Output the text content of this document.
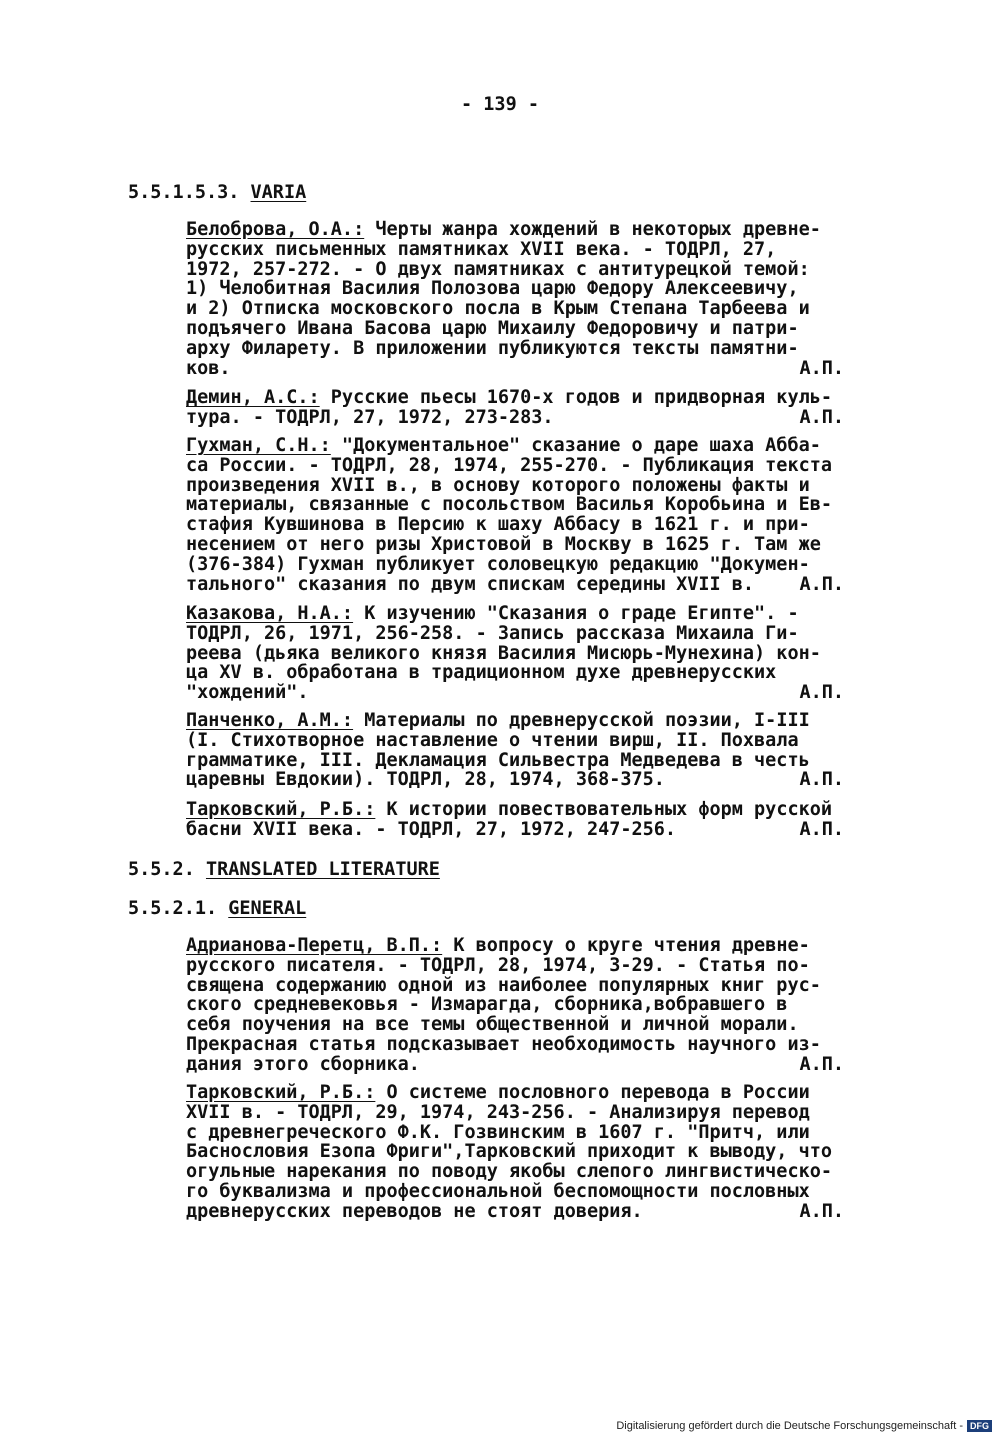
- 139 -
5.5.1.5.3. VARIA
Белоброва, О.А.: Черты жанра хождений в некоторых древне-
русских письменных памятниках XVII века. - ТОДРЛ, 27,
1972, 257-272. - О двух памятниках с антитурецкой темой:
1) Челобитная Василия Полозова царю Федору Алексеевичу,
и 2) Отписка московского посла в Крым Степана Тарбеева и
подъячего Ивана Басова царю Михаилу Федоровичу и патри-
арху Филарету. В приложении публикуются тексты памятни-
ков.	А.П.
Демин, А.С.: Русские пьесы 1670-х годов и придворная куль-
тура. - ТОДРЛ, 27, 1972, 273-283.	А.П.
Гухман, С.Н.: "Документальное" сказание о даре шаха Абба-
са России. - ТОДРЛ, 28, 1974, 255-270. - Публикация текста
произведения XVII в., в основу которого положены факты и
материалы, связанные с посольством Василья Коробьина и Ев-
стафия Кувшинова в Персию к шаху Аббасу в 1621 г. и при-
несением от него ризы Христовой в Москву в 1625 г. Там же
(376-384) Гухман публикует соловецкую редакцию "Докумен-
тального" сказания по двум спискам середины XVII в. А.П.
Казакова, Н.А.: К изучению "Сказания о граде Египте". -
ТОДРЛ, 26, 1971, 256-258. - Запись рассказа Михаила Ги-
реева (дьяка великого князя Василия Мисюрь-Мунехина) кон-
ца XV в. обработана в традиционном духе древнерусских
"хождений".	А.П.
Панченко, А.М.: Материалы по древнерусской поэзии, I-III
(I. Стихотворное наставление о чтении вирш, II. Похвала
грамматике, III. Декламация Сильвестра Медведева в честь
царевны Евдокии). ТОДРЛ, 28, 1974, 368-375.	А.П.
Тарковский, Р.Б.: К истории повествовательных форм русской
басни XVII века. - ТОДРЛ, 27, 1972, 247-256.	А.П.
5.5.2. TRANSLATED LITERATURE
5.5.2.1. GENERAL
Адрианова-Перетц, В.П.: К вопросу о круге чтения древне-
русского писателя. - ТОДРЛ, 28, 1974, 3-29. - Статья по-
священа содержанию одной из наиболее популярных книг рус-
ского средневековья - Измарагда, сборника,вобравшего в
себя поучения на все темы общественной и личной морали.
Прекрасная статья подсказывает необходимость научного из-
дания этого сборника.	А.П.
Тарковский, Р.Б.: О системе пословного перевода в России
XVII в. - ТОДРЛ, 29, 1974, 243-256. - Анализируя перевод
с древнегреческого Ф.К. Гозвинским в 1607 г. "Притч, или
Баснословия Езопа Фриги",Тарковский приходит к выводу, что
огульные нарекания по поводу якобы слепого лингвистическо-
го буквализма и профессиональной беспомощности пословных
древнерусских переводов не стоят доверия.	А.П.
Digitalisierung gefördert durch die Deutsche Forschungsgemeinschaft - DFG
